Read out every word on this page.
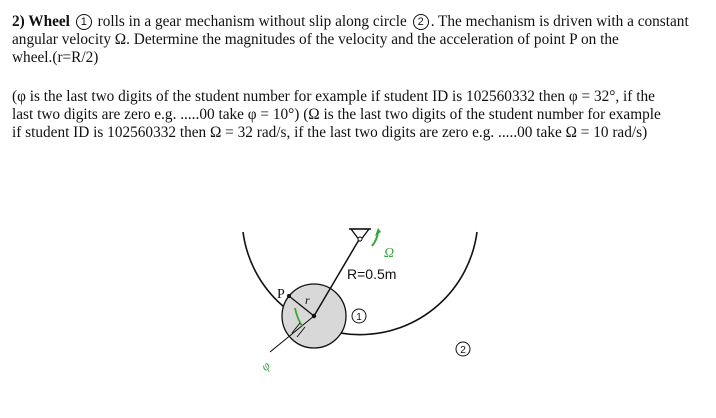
2) Wheel 1 rolls in a gear mechanism without slip along circle 2 . The mechanism is driven with a constant
angular velocity Ω. Determine the magnitudes of the velocity and the acceleration of point P on the
wheel.(r=R/2)
(φ is the last two digits of the student number for example if student ID is 102560332 then φ = 32°, if the
last two digits are zero e.g. .....00 take φ = 10°) (Ω is the last two digits of the student number for example
if student ID is 102560332 then Ω = 32 rad/s, if the last two digits are zero e.g. .....00 take Ω = 10 rad/s)
Ω
R=0.5m
r
P
φ
1
2
